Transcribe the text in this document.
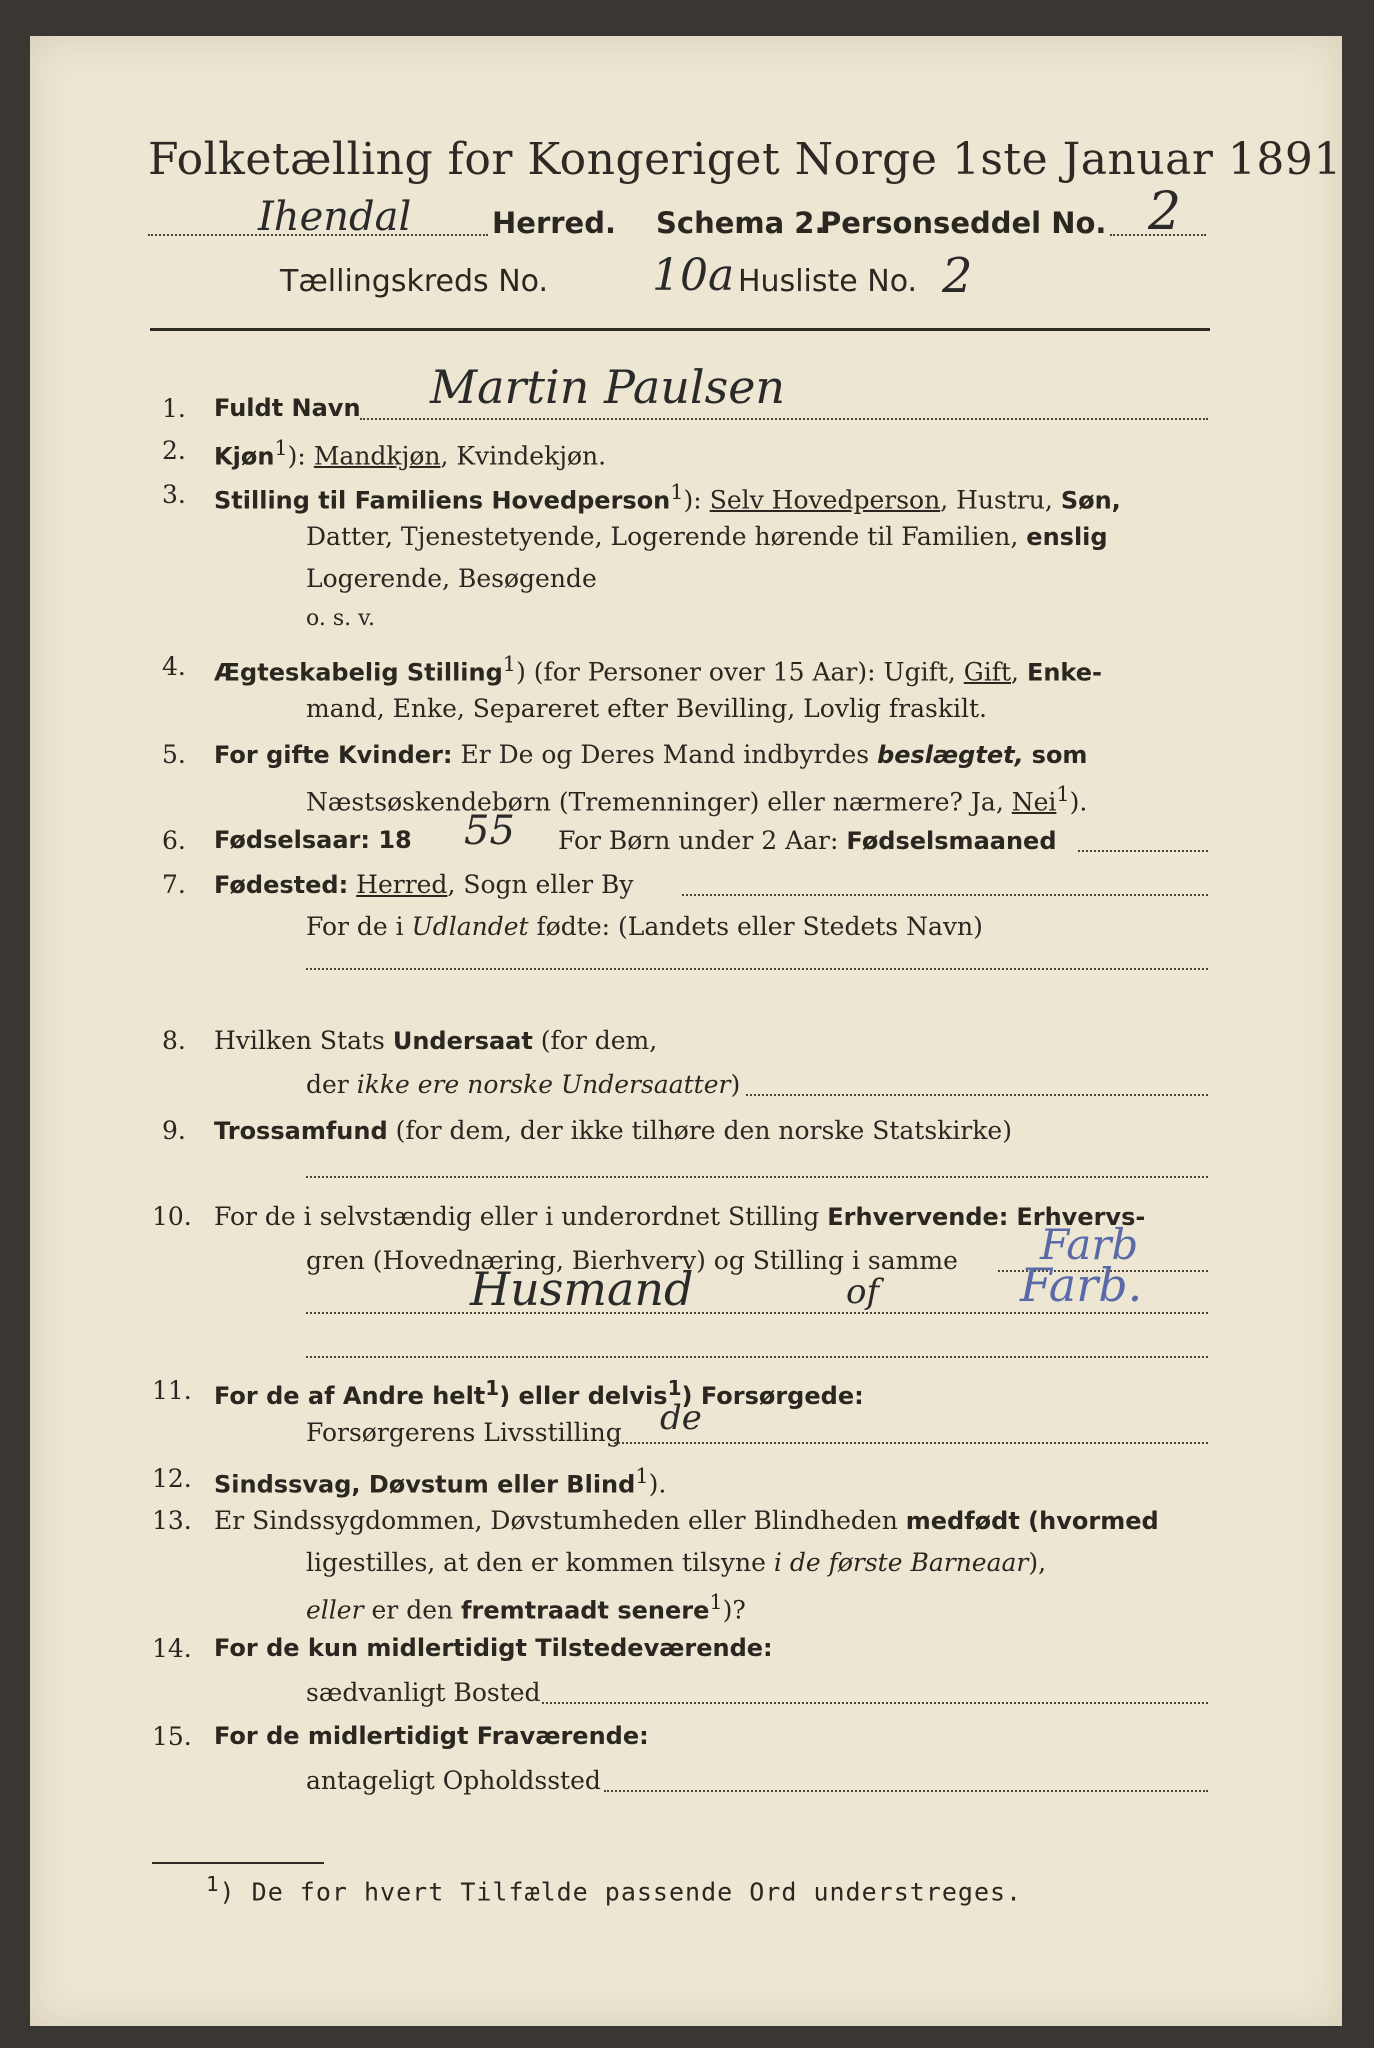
Folketælling for Kongeriget Norge 1ste Januar 1891
Ihendal	Herred. Schema 2.
Personseddel No. 2
Tællingskreds No. 10a Husliste No. 2
1. Fuldt Navn Martin Paulsen
2. Kjøn$^1$): Mandkjøn, Kvindekjøn.
3. Stilling til Familiens Hovedperson$^1$): Selv Hovedperson, Hustru, Søn,
Datter, Tjenestetyende, Logerende hørende til Familien, enslig
Logerende, Besøgende
o. s. v.
4. Ægteskabelig Stilling$^1$) (for Personer over 15 Aar): Ugift, Gift, Enke-
mand, Enke, Separeret efter Bevilling, Lovlig fraskilt.
5. For gifte Kvinder: Er De og Deres Mand indbyrdes beslægtet, som
Næstsøskendebørn (Tremenninger) eller nærmere? Ja, Nei$^1$).
6. Fødselsaar: 18 55 For Børn under 2 Aar: Fødselsmaaned
7. Fødested: Herred, Sogn eller By
For de i Udlandet fødte: (Landets eller Stedets Navn)
8. Hvilken Stats Undersaat (for dem,
der ikke ere norske Undersaatter)
9. Trossamfund (for dem, der ikke tilhøre den norske Statskirke)
10. For de i selvstændig eller i underordnet Stilling Erhvervende: Erhvervs-
gren (Hovednæring, Bierhverv) og Stilling i samme Farb
Husmand	of	Farb.
11. For de af Andre helt$^1$) eller delvis$^1$) Forsørgede:
Forsørgerens Livsstilling de
12. Sindssvag, Døvstum eller Blind$^1$).
13. Er Sindssygdommen, Døvstumheden eller Blindheden medfødt (hvormed
ligestilles, at den er kommen tilsyne i de første Barneaar),
eller er den fremtraadt senere$^1$)?
14. For de kun midlertidigt Tilstedeværende:
sædvanligt Bosted
15. For de midlertidigt Fraværende:
antageligt Opholdssted
$^1$) De for hvert Tilfælde passende Ord understreges.
